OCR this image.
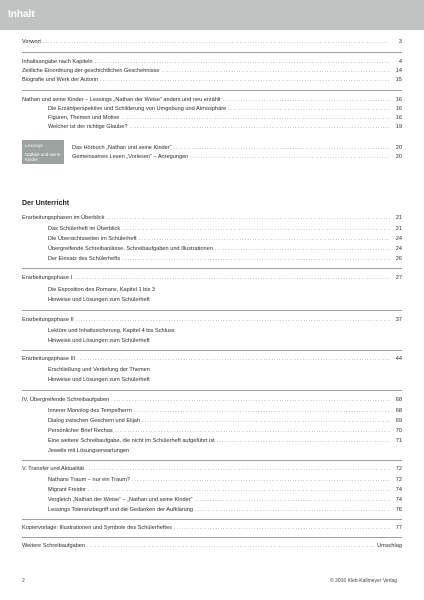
Inhalt
Vorwort .....	3
Inhaltsangabe nach Kapiteln .....	4
Zeitliche Einordnung der geschichtlichen Geschehnisse .....	14
Biografie und Werk der Autorin .....	15
Nathan und seine Kinder – Lessings „Nathan der Weise“ anders und neu erzählt .....	16
Die Erzählperspektive und Schilderung von Umgebung und Atmosphäre .....	16
Figuren, Themen und Motive .....	16
Welcher ist der richtige Glaube? .....	19
Lessings
Nathan und seine Kinder
Das Hörbuch „Nathan und seine Kinder“ .....	20
Gemeinsames Lesen „Vorlesen“ – Anregungen .....	20
Der Unterricht
Erarbeitungsphasen im Überblick .....	21
Das Schülerheft im Überblick .....	21
Die Übersichtsseiten im Schülerheft .....	24
Übergreifende Schreibanlässe, Schreibaufgaben und Illustrationen .....	24
Der Einsatz des Schülerhefts .....	26
Erarbeitungsphase I .....	27
Die Exposition des Romans, Kapitel 1 bis 3
Hinweise und Lösungen zum Schülerheft
Erarbeitungsphase II .....	37
Lektüre und Inhaltssicherung, Kapitel 4 bis Schluss
Hinweise und Lösungen zum Schülerheft
Erarbeitungsphase III .....	44
Erschließung und Vertiefung der Themen
Hinweise und Lösungen zum Schülerheft
IV. Übergreifende Schreibaufgaben .....	68
Innerer Monolog des Tempelherrn .....	68
Dialog zwischen Geschem und Elijah .....	69
Persönlicher Brief Rechas .....	70
Eine weitere Schreibaufgabe, die nicht im Schülerheft aufgeführt ist .....	71
Jeweils mit Lösungserwartungen
V. Transfer und Aktualität .....	72
Nathans Traum – nur ein Traum? .....	72
Migrant Freidor .....	74
Vergleich „Nathan der Weise“ – „Nathan und seine Kinder“ .....	74
Lessings Toleranzbegriff und die Gedanken der Aufklärung .....	76
Kopiervorlage: Illustrationen und Symbole des Schülerheftes .....	77
Weitere Schreibaufgaben .....	Umschlag
2	© 2016 Klett-Kallmeyer Verlag
